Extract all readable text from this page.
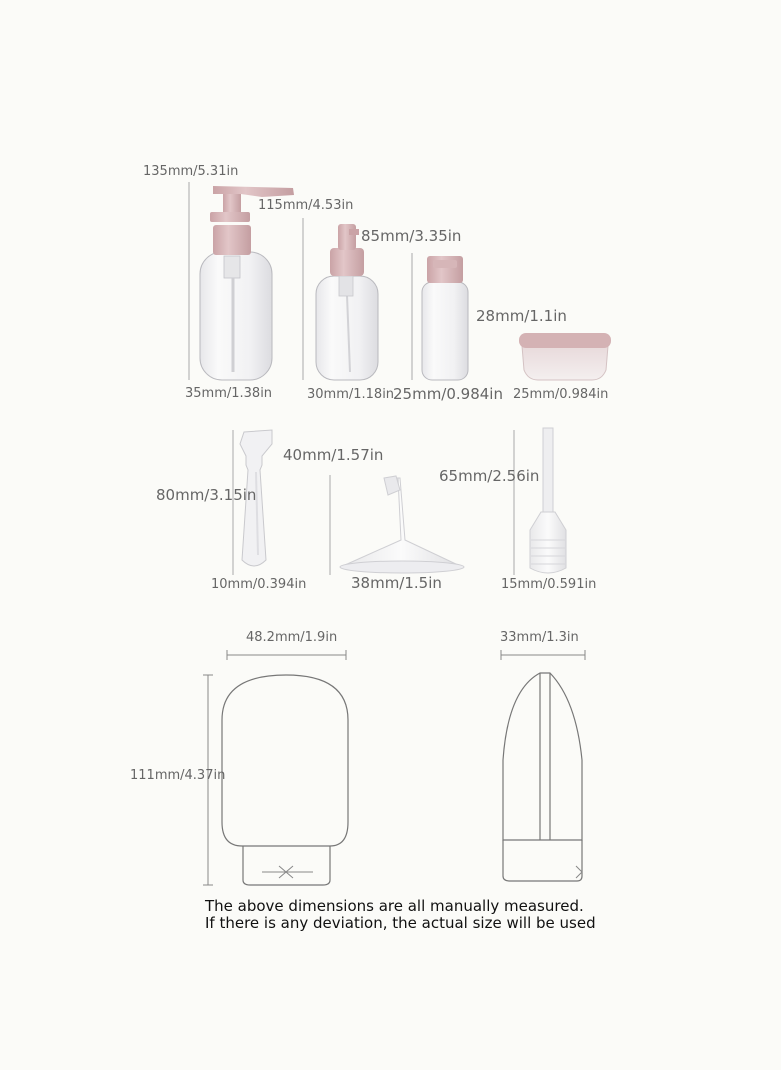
135mm/5.31in
35mm/1.38in
115mm/4.53in
30mm/1.18in
85mm/3.35in
25mm/0.984in
28mm/1.1in
25mm/0.984in
80mm/3.15in
10mm/0.394in
40mm/1.57in
38mm/1.5in
65mm/2.56in
15mm/0.591in
48.2mm/1.9in
111mm/4.37in
33mm/1.3in
The above dimensions are all manually measured.
If there is any deviation, the actual size will be used
